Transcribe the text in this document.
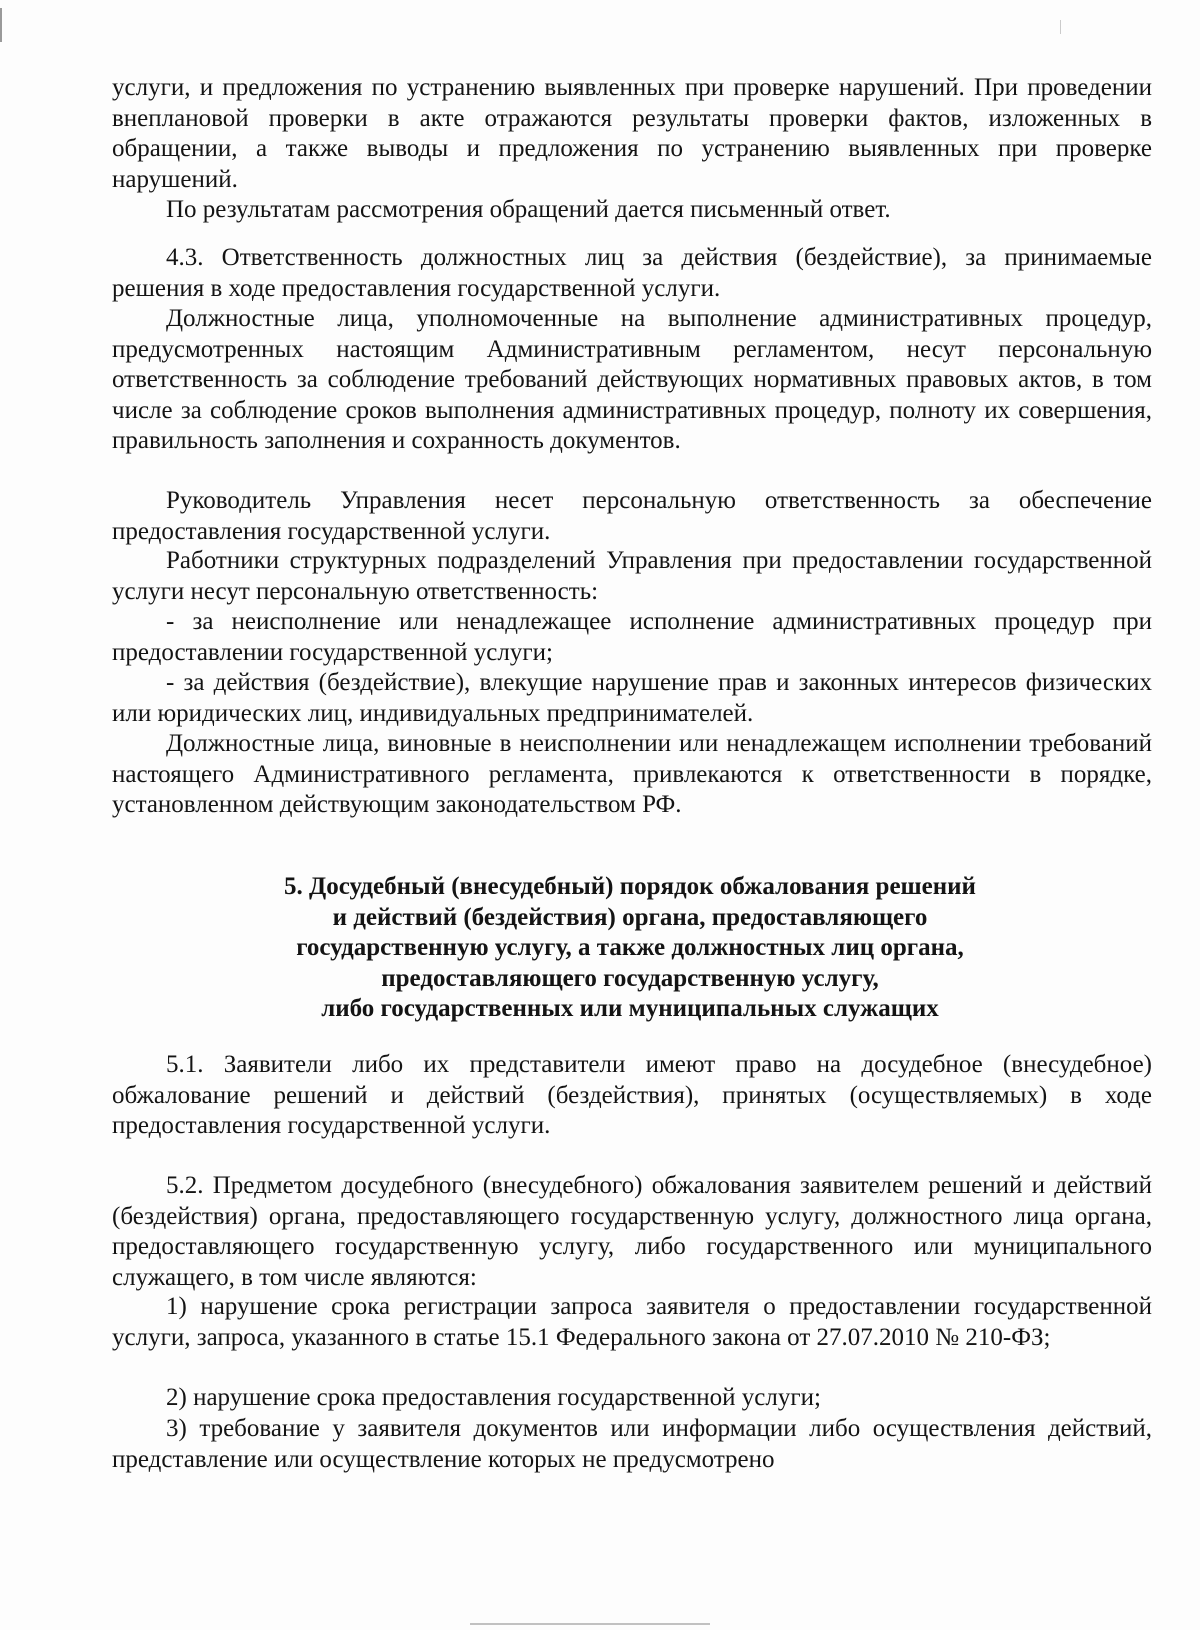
услуги, и предложения по устранению выявленных при проверке нарушений. При проведении внеплановой проверки в акте отражаются результаты проверки фактов, изложенных в обращении, а также выводы и предложения по устранению выявленных при проверке нарушений.

По результатам рассмотрения обращений дается письменный ответ.

4.3. Ответственность должностных лиц за действия (бездействие), за принимаемые решения в ходе предоставления государственной услуги.

Должностные лица, уполномоченные на выполнение административных процедур, предусмотренных настоящим Административным регламентом, несут персональную ответственность за соблюдение требований действующих нормативных правовых актов, в том числе за соблюдение сроков выполнения административных процедур, полноту их совершения, правильность заполнения и сохранность документов.

Руководитель Управления несет персональную ответственность за обеспечение предоставления государственной услуги.

Работники структурных подразделений Управления при предоставлении государственной услуги несут персональную ответственность:

- за неисполнение или ненадлежащее исполнение административных процедур при предоставлении государственной услуги;

- за действия (бездействие), влекущие нарушение прав и законных интересов физических или юридических лиц, индивидуальных предпринимателей.

Должностные лица, виновные в неисполнении или ненадлежащем исполнении требований настоящего Административного регламента, привлекаются к ответственности в порядке, установленном действующим законодательством РФ.

5. Досудебный (внесудебный) порядок обжалования решений
и действий (бездействия) органа, предоставляющего
государственную услугу, а также должностных лиц органа,
предоставляющего государственную услугу,
либо государственных или муниципальных служащих

5.1. Заявители либо их представители имеют право на досудебное (внесудебное) обжалование решений и действий (бездействия), принятых (осуществляемых) в ходе предоставления государственной услуги.

5.2. Предметом досудебного (внесудебного) обжалования заявителем решений и действий (бездействия) органа, предоставляющего государственную услугу, должностного лица органа, предоставляющего государственную услугу, либо государственного или муниципального служащего, в том числе являются:

1) нарушение срока регистрации запроса заявителя о предоставлении государственной услуги, запроса, указанного в статье 15.1 Федерального закона от 27.07.2010 № 210-ФЗ;

2) нарушение срока предоставления государственной услуги;

3) требование у заявителя документов или информации либо осуществления действий, представление или осуществление которых не предусмотрено
